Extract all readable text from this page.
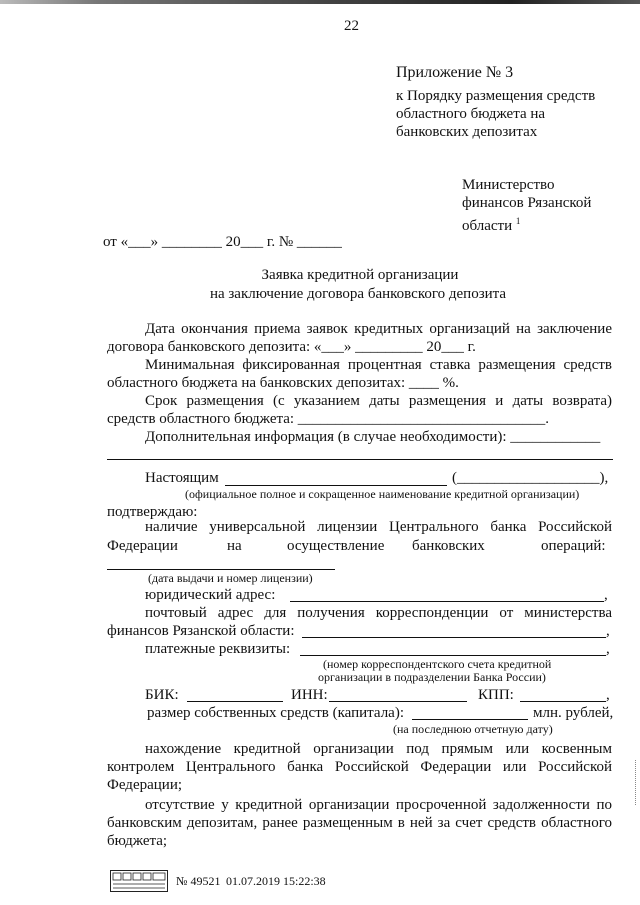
22
Приложение № 3
к Порядку размещения средств
областного бюджета на
банковских депозитах
Министерство
финансов Рязанской
области $^1$
от «___» ________ 20___ г. № ______
Заявка кредитной организации
на заключение договора банковского депозита
Дата окончания приема заявок кредитных организаций на заключение
договора банковского депозита: «___» _________ 20___ г.
Минимальная фиксированная процентная ставка размещения средств
областного бюджета на банковских депозитах: ____ %.
Срок размещения (с указанием даты размещения и даты возврата)
средств областного бюджета: _________________________________.
Дополнительная информация (в случае необходимости): ____________
Настоящим	(___________________),
(официальное полное и сокращенное наименование кредитной организации)
подтверждаю:
наличие универсальной лицензии Центрального банка Российской
Федерации	на	осуществление банковских	операций:
(дата выдачи и номер лицензии)
юридический адрес:	,
почтовый адрес для получения корреспонденции от министерства
финансов Рязанской области:	,
платежные реквизиты:	,
(номер корреспондентского счета кредитной
организации в подразделении Банка России)
БИК:	ИНН:	КПП:	,
размер собственных средств (капитала):	млн. рублей,
(на последнюю отчетную дату)
нахождение кредитной организации под прямым или косвенным
контролем Центрального банка Российской Федерации или Российской
Федерации;
отсутствие у кредитной организации просроченной задолженности по
банковским депозитам, ранее размещенным в ней за счет средств областного
бюджета;
№ 49521 01.07.2019 15:22:38
